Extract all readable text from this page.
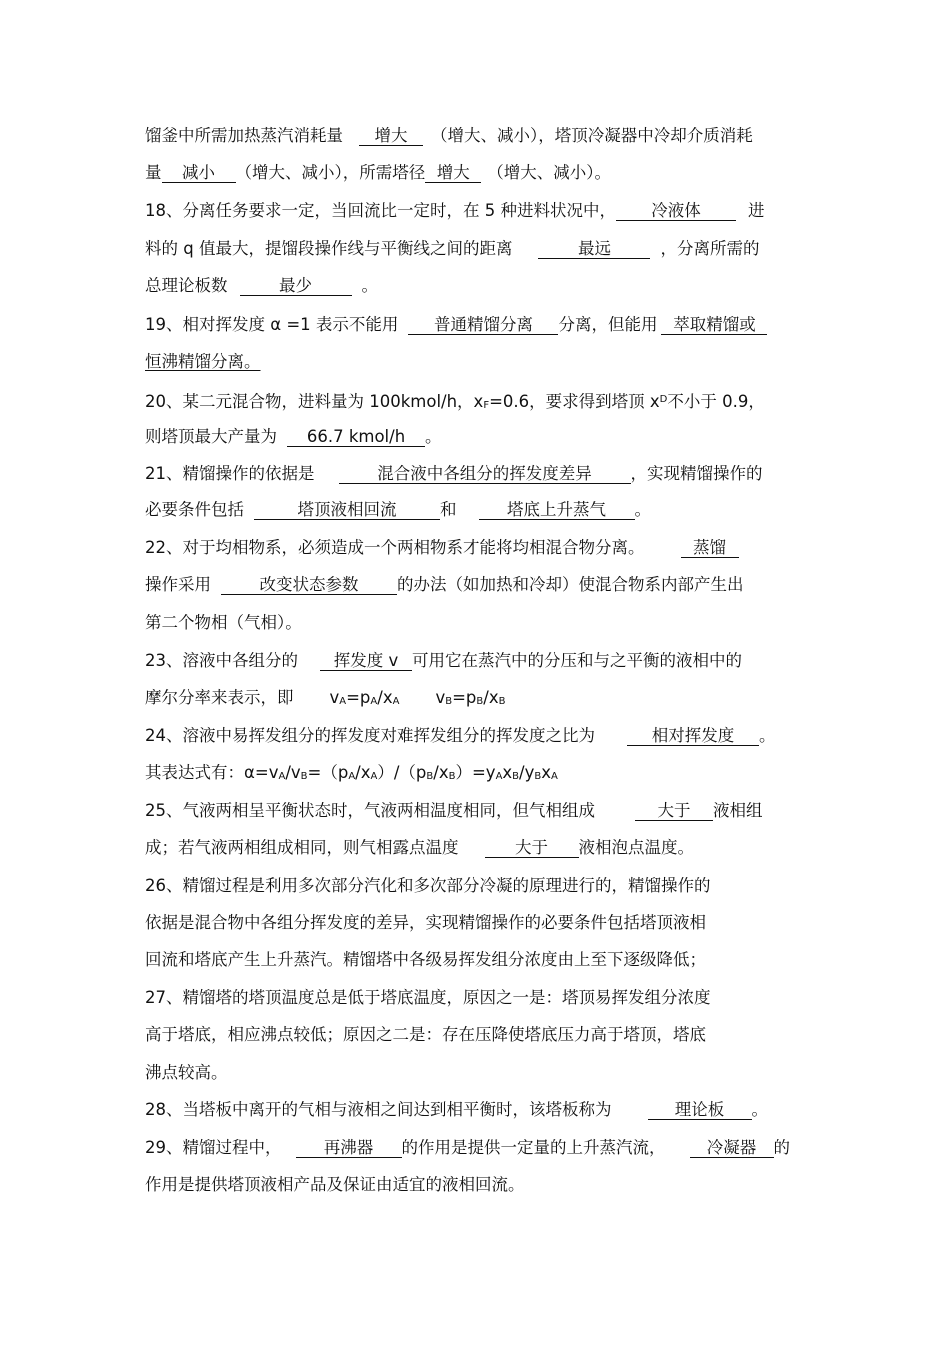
馏釜中所需加热蒸汽消耗量 增大 （增大、减小），塔顶冷凝器中冷却介质消耗
量 减小 （增大、减小），所需塔径 增大 （增大、减小）。
18、分离任务要求一定，当回流比一定时，在 5 种进料状况中， 冷液体	进
料的 q 值最大，提馏段操作线与平衡线之间的距离	最远	，分离所需的
总理论板数	最少	。
19、相对挥发度 α =1 表示不能用 普通精馏分离 分离，但能用 萃取精馏或
恒沸精馏分离。
20、某二元混合物，进料量为 100kmol/h，$x_F=0.6$，要求得到塔顶 $x^D$不小于 0.9，
则塔顶最大产量为 66.7 kmol/h 。
21、精馏操作的依据是	混合液中各组分的挥发度差异 ，实现精馏操作的
必要条件包括	塔顶液相回流	和	塔底上升蒸气 。
22、对于均相物系，必须造成一个两相物系才能将均相混合物分离。	蒸馏
操作采用	改变状态参数 的办法（如加热和冷却）使混合物系内部产生出
第二个物相（气相）。
23、溶液中各组分的 挥发度 v 可用它在蒸汽中的分压和与之平衡的液相中的
摩尔分率来表示，即 $v_A=p_A/x_A$ $v_B=p_B/x_B$
24、溶液中易挥发组分的挥发度对难挥发组分的挥发度之比为	相对挥发度 。
其表达式有：$\alpha=v_A/v_B=(p_A/x_A)/(p_B/x_B)=y_Ax_B/y_Bx_A$
25、气液两相呈平衡状态时，气液两相温度相同，但气相组成	大于 液相组
成；若气液两相组成相同，则气相露点温度	大于 液相泡点温度。
26、精馏过程是利用多次部分汽化和多次部分冷凝的原理进行的，精馏操作的
依据是混合物中各组分挥发度的差异，实现精馏操作的必要条件包括塔顶液相
回流和塔底产生上升蒸汽。精馏塔中各级易挥发组分浓度由上至下逐级降低；
27、精馏塔的塔顶温度总是低于塔底温度，原因之一是：塔顶易挥发组分浓度
高于塔底，相应沸点较低；原因之二是：存在压降使塔底压力高于塔顶，塔底
沸点较高。
28、当塔板中离开的气相与液相之间达到相平衡时，该塔板称为	理论板 。
29、精馏过程中，	再沸器 的作用是提供一定量的上升蒸汽流，	冷凝器 的
作用是提供塔顶液相产品及保证由适宜的液相回流。
